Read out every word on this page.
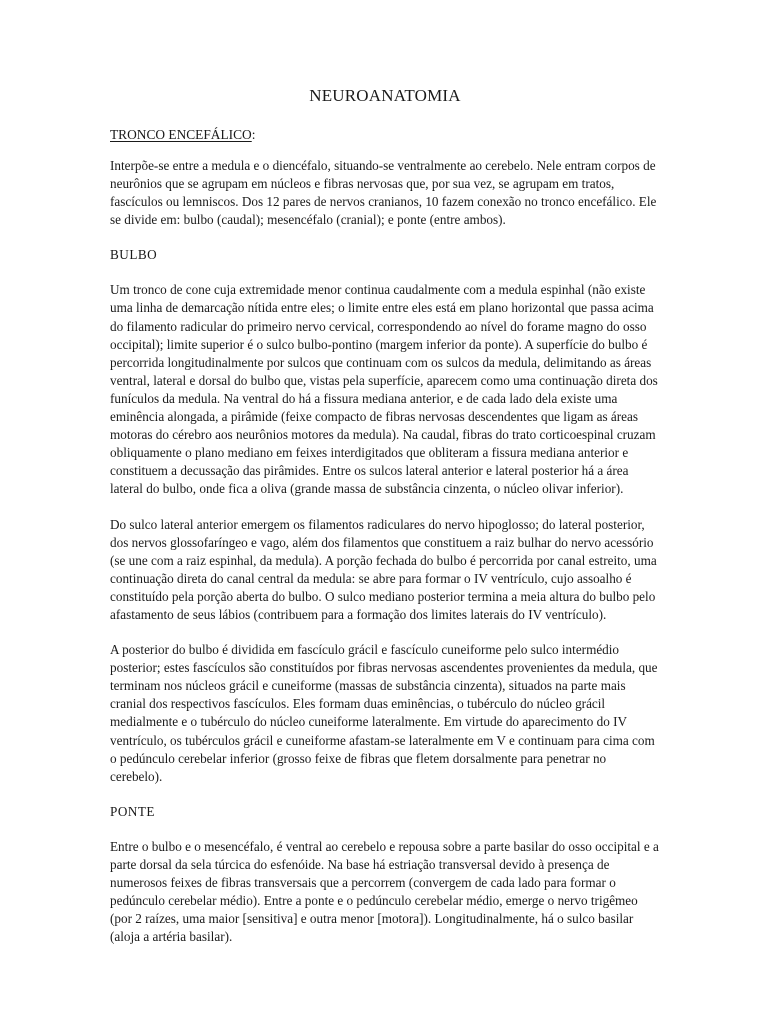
NEUROANATOMIA
TRONCO ENCEFÁLICO:

Interpõe-se entre a medula e o diencéfalo, situando-se ventralmente ao cerebelo. Nele entram corpos de neurônios que se agrupam em núcleos e fibras nervosas que, por sua vez, se agrupam em tratos, fascículos ou lemniscos. Dos 12 pares de nervos cranianos, 10 fazem conexão no tronco encefálico. Ele se divide em: bulbo (caudal); mesencéfalo (cranial); e ponte (entre ambos).

BULBO

Um tronco de cone cuja extremidade menor continua caudalmente com a medula espinhal (não existe uma linha de demarcação nítida entre eles; o limite entre eles está em plano horizontal que passa acima do filamento radicular do primeiro nervo cervical, correspondendo ao nível do forame magno do osso occipital); limite superior é o sulco bulbo-pontino (margem inferior da ponte). A superfície do bulbo é percorrida longitudinalmente por sulcos que continuam com os sulcos da medula, delimitando as áreas ventral, lateral e dorsal do bulbo que, vistas pela superfície, aparecem como uma continuação direta dos funículos da medula. Na ventral do há a fissura mediana anterior, e de cada lado dela existe uma eminência alongada, a pirâmide (feixe compacto de fibras nervosas descendentes que ligam as áreas motoras do cérebro aos neurônios motores da medula). Na caudal, fibras do trato corticoespinal cruzam obliquamente o plano mediano em feixes interdigitados que obliteram a fissura mediana anterior e constituem a decussação das pirâmides. Entre os sulcos lateral anterior e lateral posterior há a área lateral do bulbo, onde fica a oliva (grande massa de substância cinzenta, o núcleo olivar inferior).

Do sulco lateral anterior emergem os filamentos radiculares do nervo hipoglosso; do lateral posterior, dos nervos glossofaríngeo e vago, além dos filamentos que constituem a raiz bulhar do nervo acessório (se une com a raiz espinhal, da medula). A porção fechada do bulbo é percorrida por canal estreito, uma continuação direta do canal central da medula: se abre para formar o IV ventrículo, cujo assoalho é constituído pela porção aberta do bulbo. O sulco mediano posterior termina a meia altura do bulbo pelo afastamento de seus lábios (contribuem para a formação dos limites laterais do IV ventrículo).

A posterior do bulbo é dividida em fascículo grácil e fascículo cuneiforme pelo sulco intermédio posterior; estes fascículos são constituídos por fibras nervosas ascendentes provenientes da medula, que terminam nos núcleos grácil e cuneiforme (massas de substância cinzenta), situados na parte mais cranial dos respectivos fascículos. Eles formam duas eminências, o tubérculo do núcleo grácil medialmente e o tubérculo do núcleo cuneiforme lateralmente. Em virtude do aparecimento do IV ventrículo, os tubérculos grácil e cuneiforme afastam-se lateralmente em V e continuam para cima com o pedúnculo cerebelar inferior (grosso feixe de fibras que fletem dorsalmente para penetrar no cerebelo).

PONTE

Entre o bulbo e o mesencéfalo, é ventral ao cerebelo e repousa sobre a parte basilar do osso occipital e a parte dorsal da sela túrcica do esfenóide. Na base há estriação transversal devido à presença de numerosos feixes de fibras transversais que a percorrem (convergem de cada lado para formar o pedúnculo cerebelar médio). Entre a ponte e o pedúnculo cerebelar médio, emerge o nervo trigêmeo (por 2 raízes, uma maior [sensitiva] e outra menor [motora]). Longitudinalmente, há o sulco basilar (aloja a artéria basilar).
